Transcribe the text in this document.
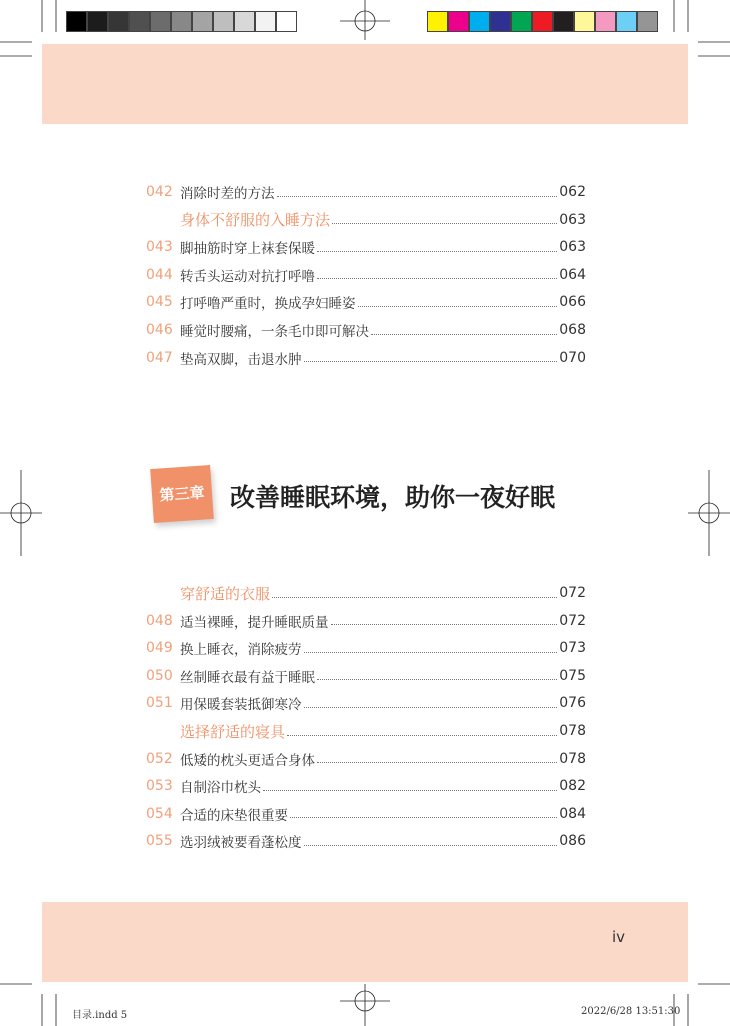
042 消除时差的方法	062
身体不舒服的入睡方法	063
043 脚抽筋时穿上袜套保暖	063
044 转舌头运动对抗打呼噜	064
045 打呼噜严重时，换成孕妇睡姿	066
046 睡觉时腰痛，一条毛巾即可解决	068
047 垫高双脚，击退水肿	070
第三章 改善睡眠环境，助你一夜好眠
穿舒适的衣服	072
048 适当裸睡，提升睡眠质量	072
049 换上睡衣，消除疲劳	073
050 丝制睡衣最有益于睡眠	075
051 用保暖套装抵御寒冷	076
选择舒适的寝具	078
052 低矮的枕头更适合身体	078
053 自制浴巾枕头	082
054 合适的床垫很重要	084
055 选羽绒被要看蓬松度	086
iv
目录.indd 5	2022/6/28 13:51:30
